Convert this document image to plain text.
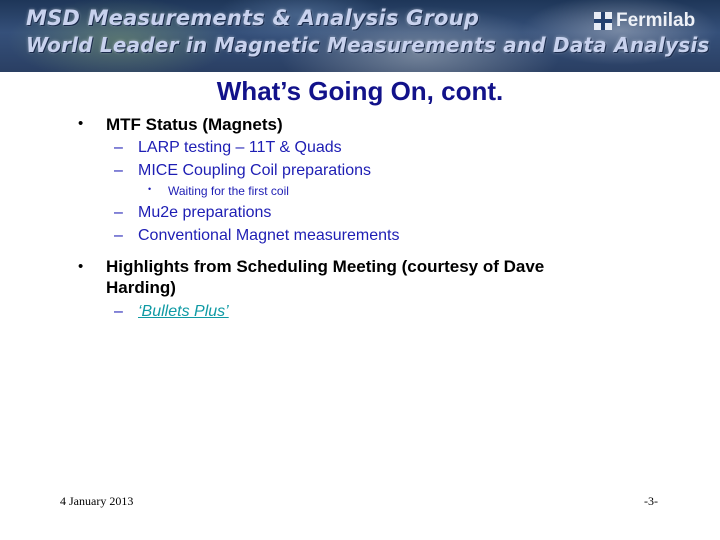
MSD Measurements & Analysis Group
World Leader in Magnetic Measurements and Data Analysis
Fermilab
What’s Going On, cont.
• MTF Status (Magnets)
– LARP testing – 11T & Quads
– MICE Coupling Coil preparations
• Waiting for the first coil
– Mu2e preparations
– Conventional Magnet measurements
• Highlights from Scheduling Meeting (courtesy of Dave Harding)
– ‘Bullets Plus’
4 January 2013	-3-
